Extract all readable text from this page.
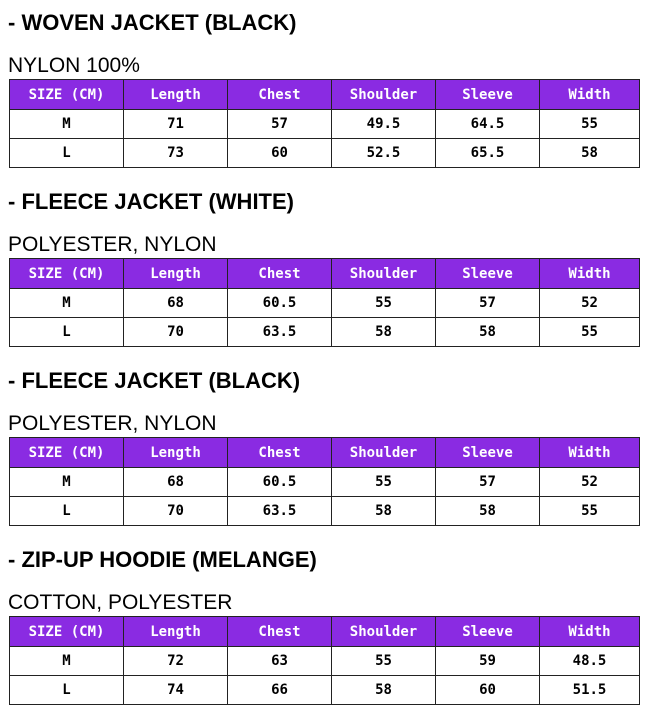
- WOVEN JACKET (BLACK)
NYLON 100%
SIZE (CM)	Length	Chest	Shoulder	Sleeve	Width
M	71	57	49.5	64.5	55
L	73	60	52.5	65.5	58
- FLEECE JACKET (WHITE)
POLYESTER, NYLON
SIZE (CM)	Length	Chest	Shoulder	Sleeve	Width
M	68	60.5	55	57	52
L	70	63.5	58	58	55
- FLEECE JACKET (BLACK)
POLYESTER, NYLON
SIZE (CM)	Length	Chest	Shoulder	Sleeve	Width
M	68	60.5	55	57	52
L	70	63.5	58	58	55
- ZIP-UP HOODIE (MELANGE)
COTTON, POLYESTER
SIZE (CM)	Length	Chest	Shoulder	Sleeve	Width
M	72	63	55	59	48.5
L	74	66	58	60	51.5
